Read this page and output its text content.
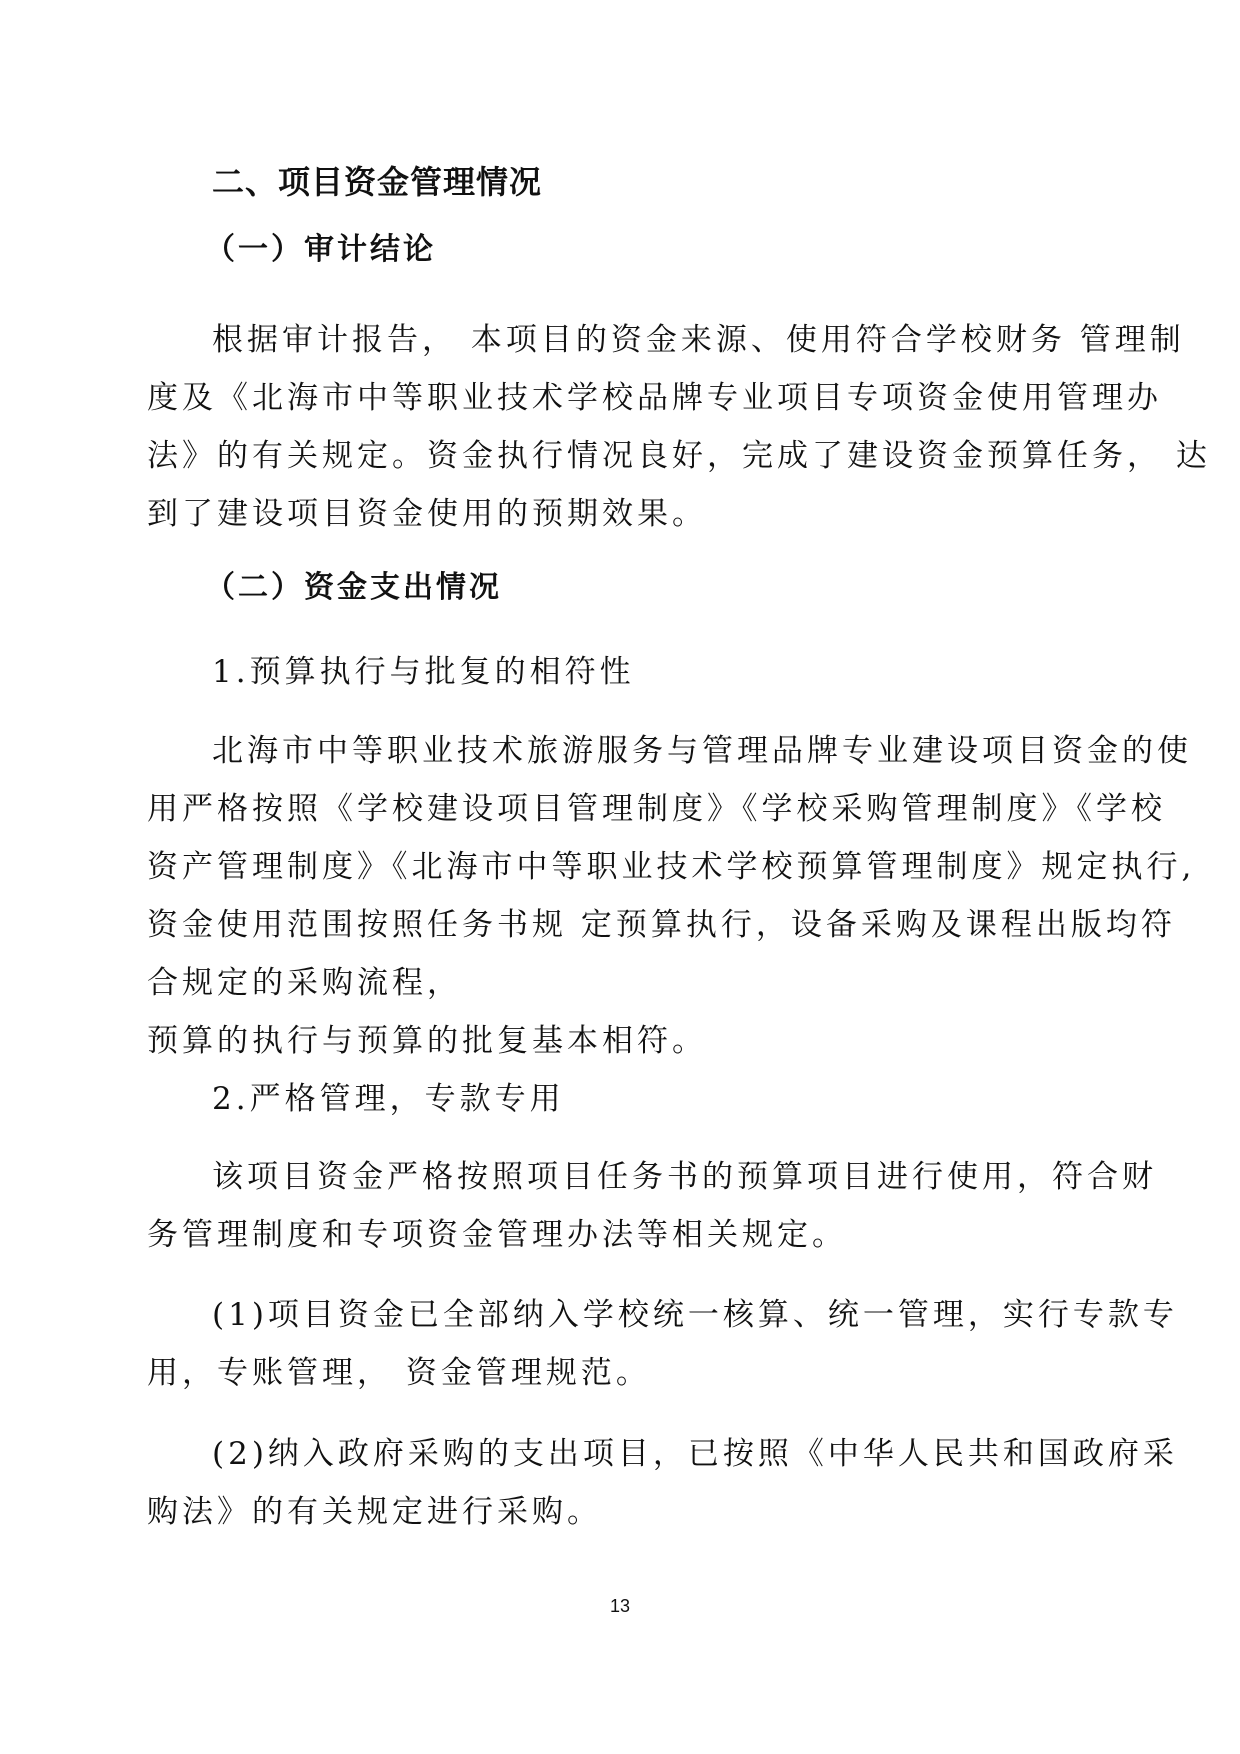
二、项目资金管理情况

（一）审计结论

根据审计报告， 本项目的资金来源、使用符合学校财务 管理制

度及《北海市中等职业技术学校品牌专业项目专项资金使用管理办

法》的有关规定。资金执行情况良好，完成了建设资金预算任务， 达

到了建设项目资金使用的预期效果。

（二）资金支出情况

1.预算执行与批复的相符性

北海市中等职业技术旅游服务与管理品牌专业建设项目资金的使

用严格按照《学校建设项目管理制度》《学校采购管理制度》《学校

资产管理制度》《北海市中等职业技术学校预算管理制度》规定执行,

资金使用范围按照任务书规 定预算执行，设备采购及课程出版均符

合规定的采购流程，

预算的执行与预算的批复基本相符。

2.严格管理，专款专用

该项目资金严格按照项目任务书的预算项目进行使用，符合财

务管理制度和专项资金管理办法等相关规定。

(1)项目资金已全部纳入学校统一核算、统一管理，实行专款专

用，专账管理， 资金管理规范。

(2)纳入政府采购的支出项目，已按照《中华人民共和国政府采

购法》的有关规定进行采购。

13
